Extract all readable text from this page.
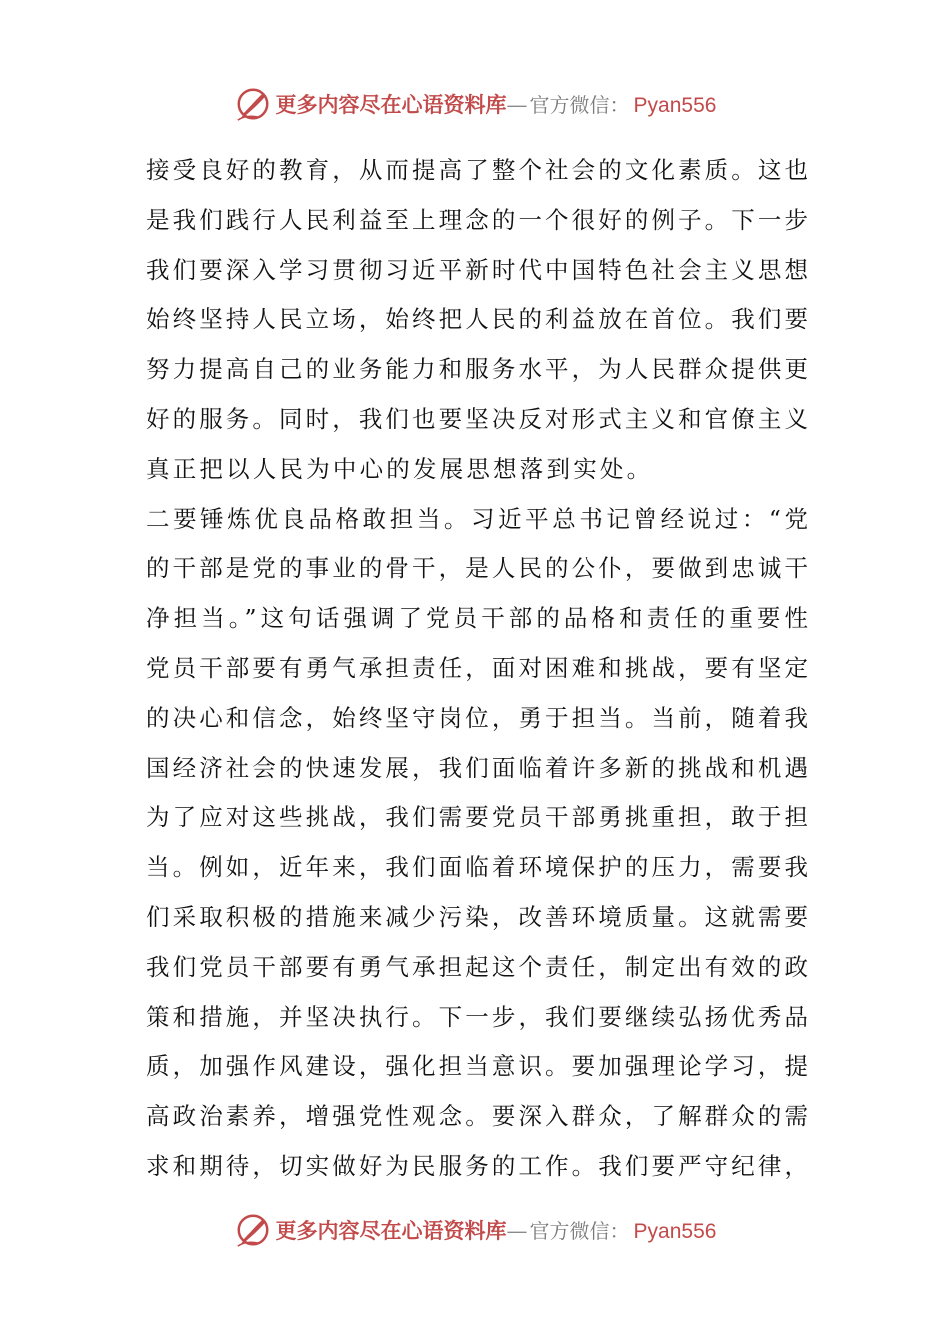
更多内容尽在心语资料库 — 官方微信： Pyan556
接受良好的教育，从而提高了整个社会的文化素质。这也
是我们践行人民利益至上理念的一个很好的例子。下一步
我们要深入学习贯彻习近平新时代中国特色社会主义思想
始终坚持人民立场，始终把人民的利益放在首位。我们要
努力提高自己的业务能力和服务水平，为人民群众提供更
好的服务。同时，我们也要坚决反对形式主义和官僚主义
真正把以人民为中心的发展思想落到实处。
二要锤炼优良品格敢担当。习近平总书记曾经说过：“党
的干部是党的事业的骨干，是人民的公仆，要做到忠诚干
净担当。”这句话强调了党员干部的品格和责任的重要性
党员干部要有勇气承担责任，面对困难和挑战，要有坚定
的决心和信念，始终坚守岗位，勇于担当。当前，随着我
国经济社会的快速发展，我们面临着许多新的挑战和机遇
为了应对这些挑战，我们需要党员干部勇挑重担，敢于担
当。例如，近年来，我们面临着环境保护的压力，需要我
们采取积极的措施来减少污染，改善环境质量。这就需要
我们党员干部要有勇气承担起这个责任，制定出有效的政
策和措施，并坚决执行。下一步，我们要继续弘扬优秀品
质，加强作风建设，强化担当意识。要加强理论学习，提
高政治素养，增强党性观念。要深入群众，了解群众的需
求和期待，切实做好为民服务的工作。我们要严守纪律，
更多内容尽在心语资料库 — 官方微信： Pyan556
